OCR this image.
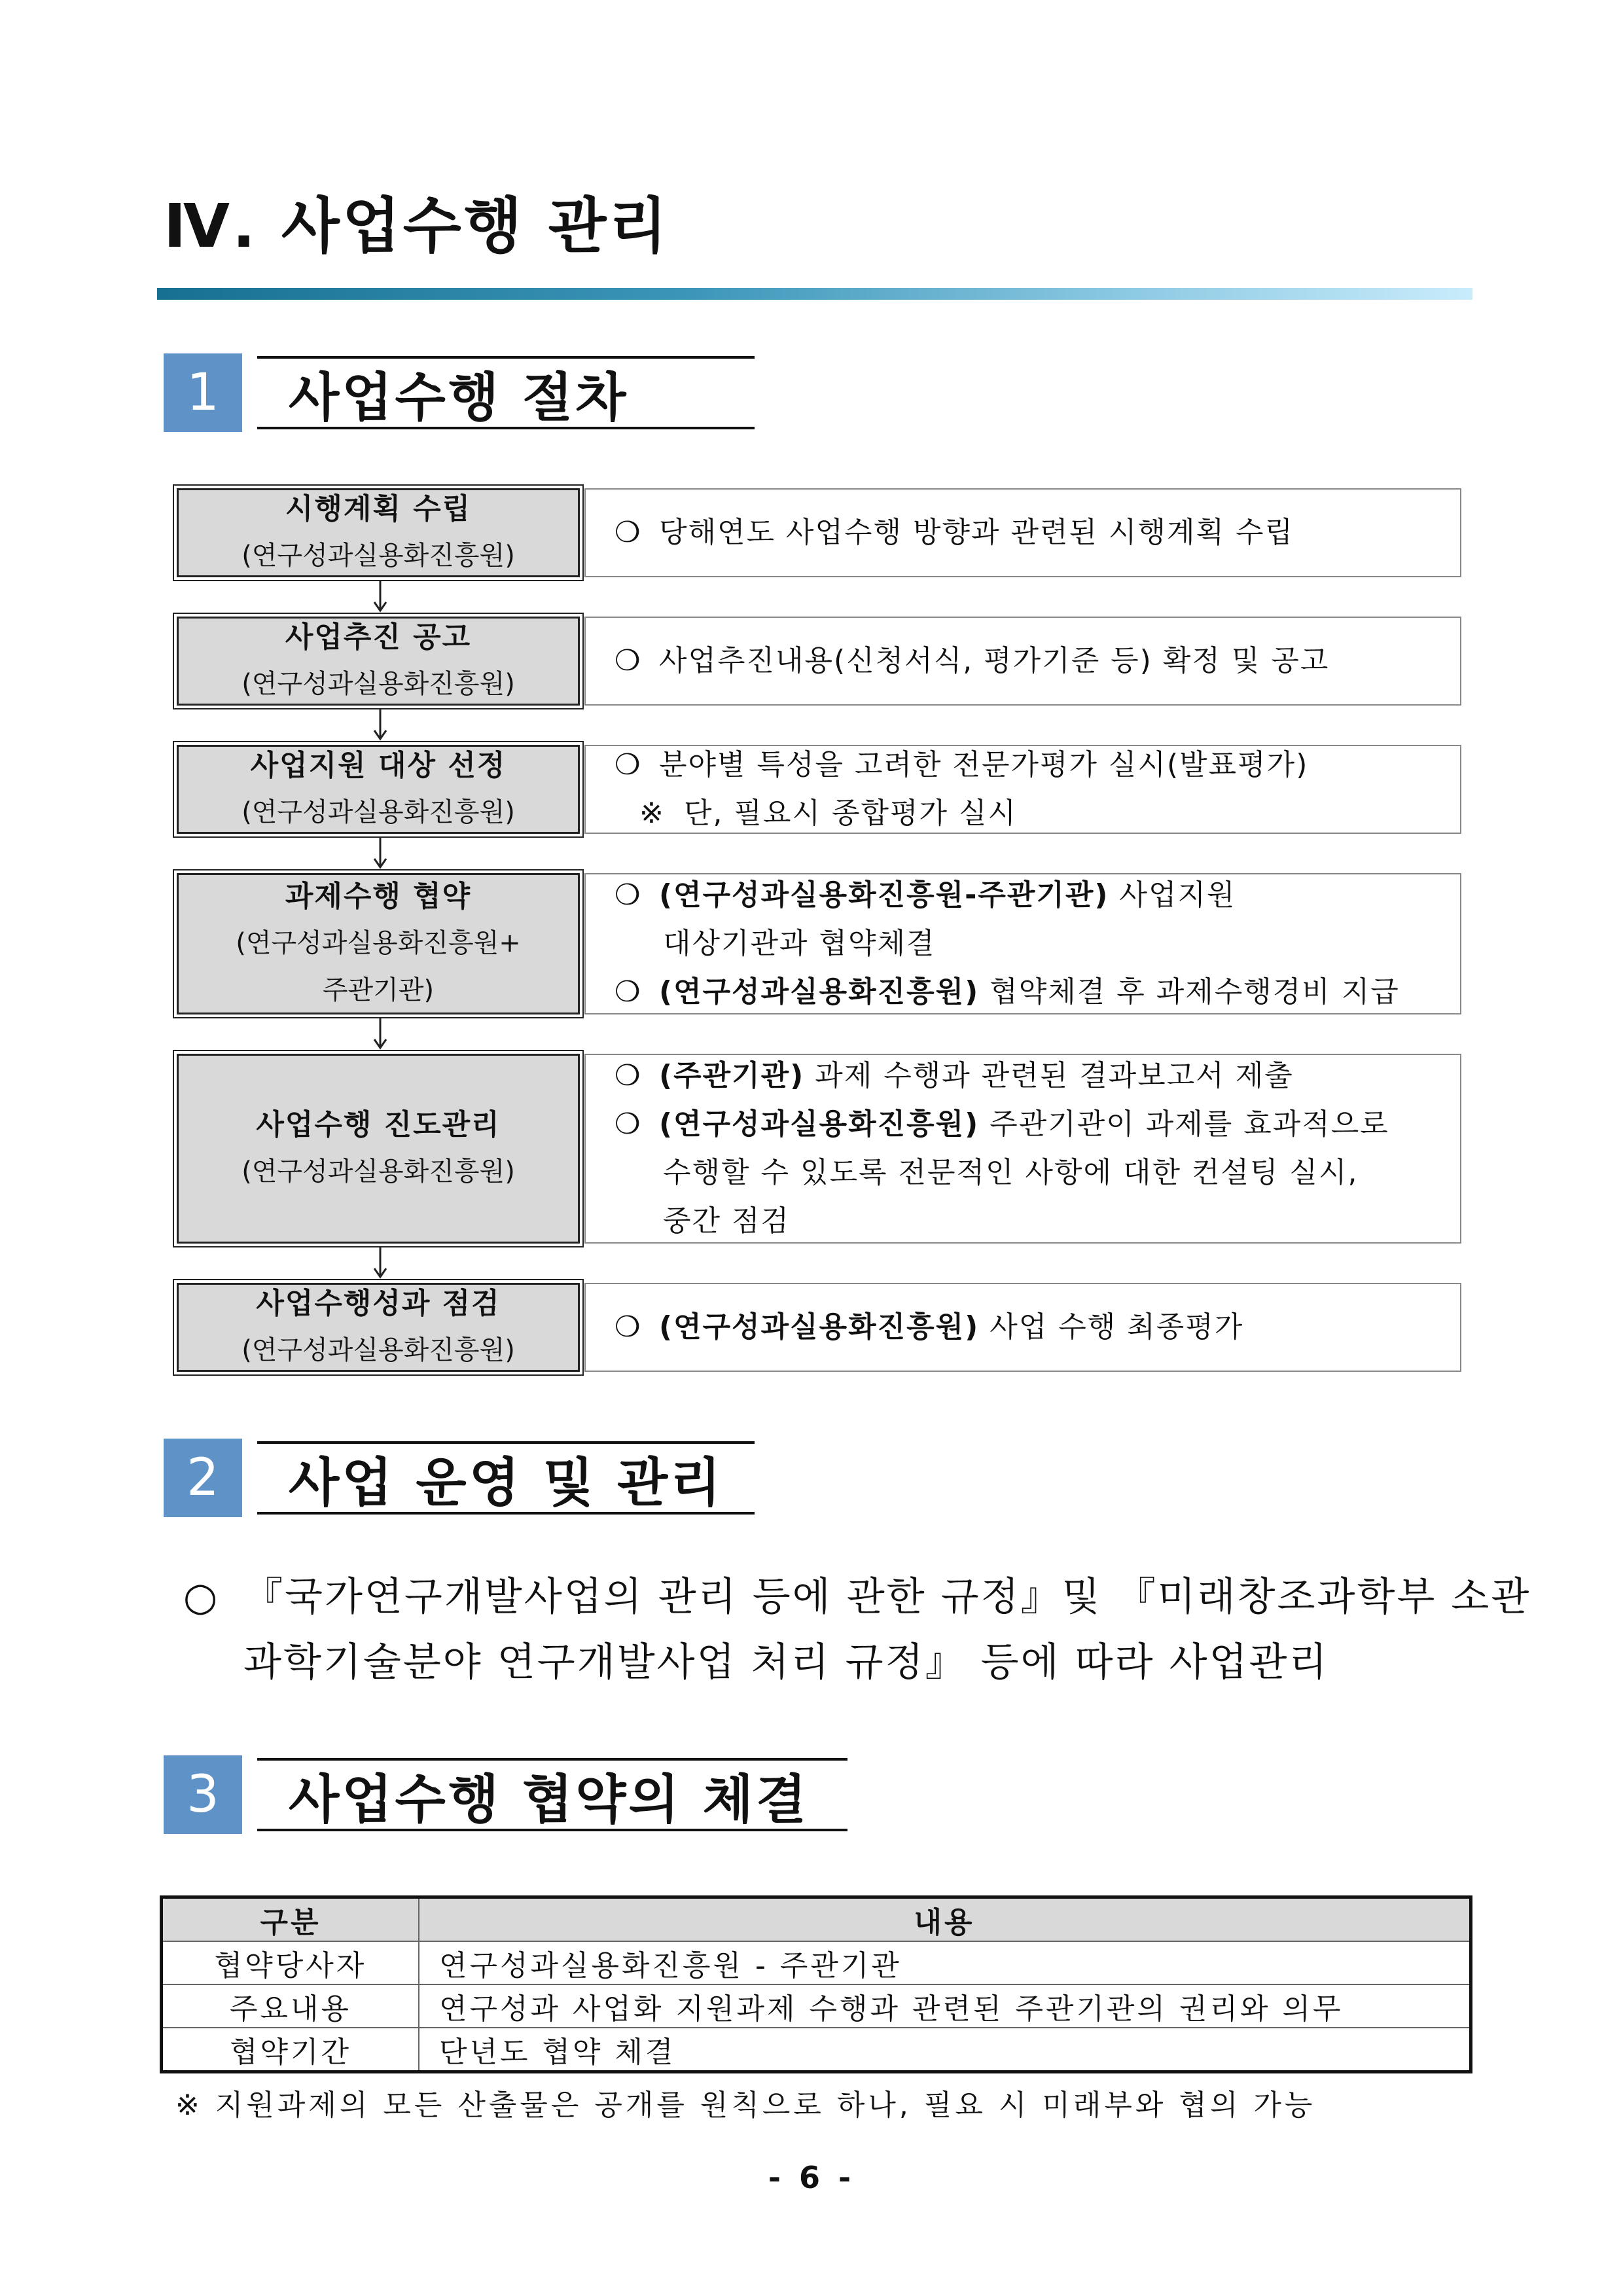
Ⅳ. 사업수행 관리
1	사업수행 절차
시행계획 수립
(연구성과실용화진흥원)
❍ 당해연도 사업수행 방향과 관련된 시행계획 수립
사업추진 공고
(연구성과실용화진흥원)
❍ 사업추진내용(신청서식, 평가기준 등) 확정 및 공고
사업지원 대상 선정
(연구성과실용화진흥원)
❍ 분야별 특성을 고려한 전문가평가 실시(발표평가)
※ 단, 필요시 종합평가 실시
과제수행 협약
(연구성과실용화진흥원+
주관기관)
❍ (연구성과실용화진흥원-주관기관) 사업지원
대상기관과 협약체결
❍ (연구성과실용화진흥원) 협약체결 후 과제수행경비 지급
사업수행 진도관리
(연구성과실용화진흥원)
❍ (주관기관) 과제 수행과 관련된 결과보고서 제출
❍ (연구성과실용화진흥원) 주관기관이 과제를 효과적으로
수행할 수 있도록 전문적인 사항에 대한 컨설팅 실시,
중간 점검
사업수행성과 점검
(연구성과실용화진흥원)
❍ (연구성과실용화진흥원) 사업 수행 최종평가
2	사업 운영 및 관리
○ 『국가연구개발사업의 관리 등에 관한 규정』및 『미래창조과학부 소관
과학기술분야 연구개발사업 처리 규정』 등에 따라 사업관리
3	사업수행 협약의 체결
구분	내용
협약당사자	연구성과실용화진흥원 - 주관기관
주요내용	연구성과 사업화 지원과제 수행과 관련된 주관기관의 권리와 의무
협약기간	단년도 협약 체결
※ 지원과제의 모든 산출물은 공개를 원칙으로 하나, 필요 시 미래부와 협의 가능
- 6 -
